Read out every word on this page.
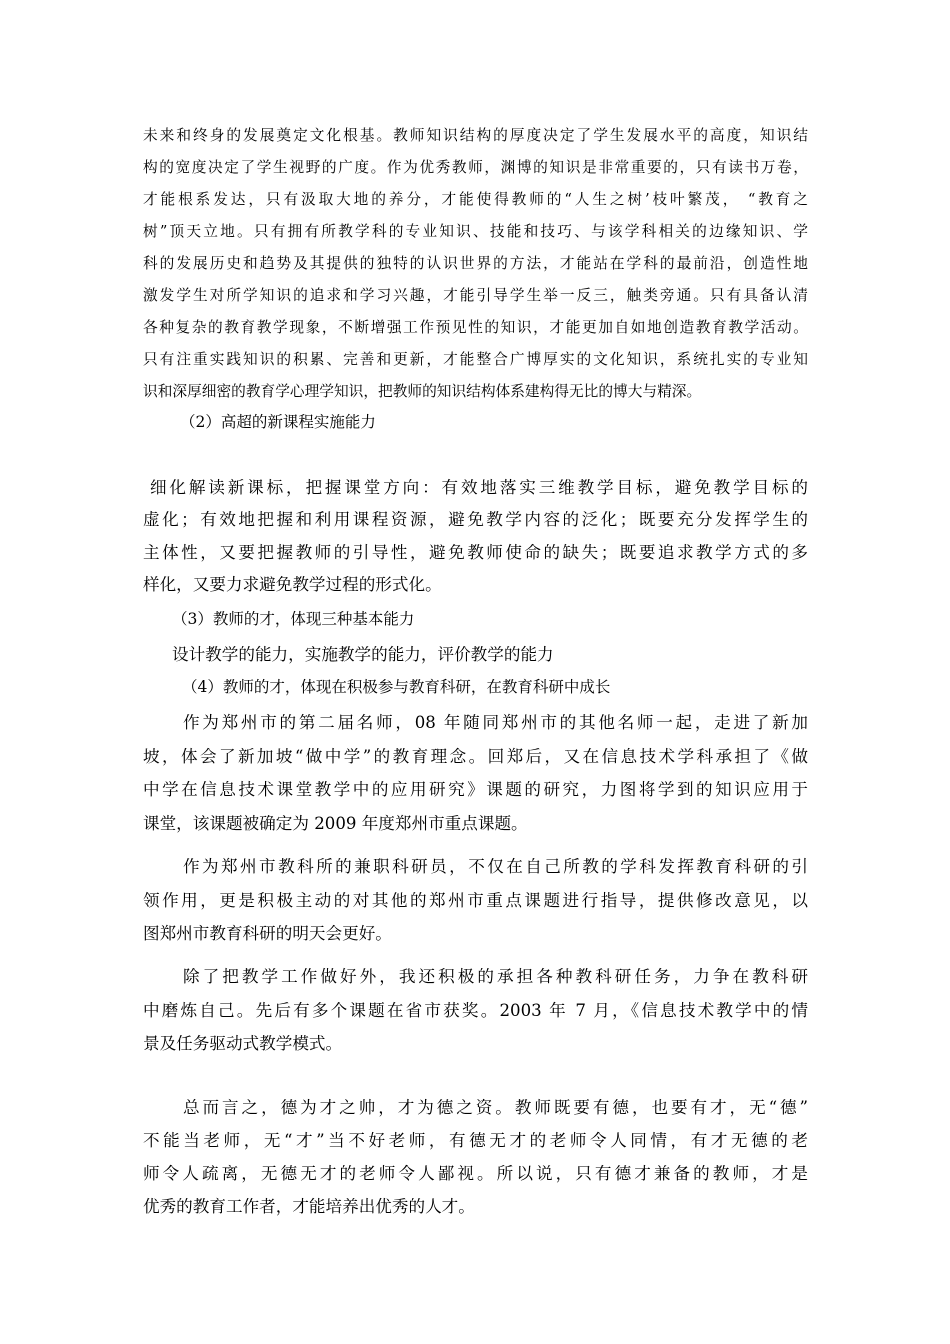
未来和终身的发展奠定文化根基。教师知识结构的厚度决定了学生发展水平的高度，知识结
构的宽度决定了学生视野的广度。作为优秀教师，渊博的知识是非常重要的，只有读书万卷，
才能根系发达，只有汲取大地的养分，才能使得教师的“人生之树’枝叶繁茂， “教育之
树”顶天立地。只有拥有所教学科的专业知识、技能和技巧、与该学科相关的边缘知识、学
科的发展历史和趋势及其提供的独特的认识世界的方法，才能站在学科的最前沿，创造性地
激发学生对所学知识的追求和学习兴趣，才能引导学生举一反三，触类旁通。只有具备认清
各种复杂的教育教学现象，不断增强工作预见性的知识，才能更加自如地创造教育教学活动。
只有注重实践知识的积累、完善和更新，才能整合广博厚实的文化知识，系统扎实的专业知
识和深厚细密的教育学心理学知识，把教师的知识结构体系建构得无比的博大与精深。
（2）高超的新课程实施能力
细化解读新课标，把握课堂方向：有效地落实三维教学目标，避免教学目标的
虚化；有效地把握和利用课程资源，避免教学内容的泛化；既要充分发挥学生的
主体性，又要把握教师的引导性，避免教师使命的缺失；既要追求教学方式的多
样化，又要力求避免教学过程的形式化。
（3）教师的才，体现三种基本能力
设计教学的能力，实施教学的能力，评价教学的能力
（4）教师的才，体现在积极参与教育科研，在教育科研中成长
作为郑州市的第二届名师，08 年随同郑州市的其他名师一起，走进了新加
坡，体会了新加坡“做中学”的教育理念。回郑后，又在信息技术学科承担了《做
中学在信息技术课堂教学中的应用研究》课题的研究，力图将学到的知识应用于
课堂，该课题被确定为 2009 年度郑州市重点课题。
作为郑州市教科所的兼职科研员，不仅在自己所教的学科发挥教育科研的引
领作用，更是积极主动的对其他的郑州市重点课题进行指导，提供修改意见，以
图郑州市教育科研的明天会更好。
除了把教学工作做好外，我还积极的承担各种教科研任务，力争在教科研
中磨炼自己。先后有多个课题在省市获奖。2003 年 7 月，《信息技术教学中的情
景及任务驱动式教学模式。
总而言之，德为才之帅，才为德之资。教师既要有德，也要有才，无“德”
不能当老师，无“才”当不好老师，有德无才的老师令人同情，有才无德的老
师令人疏离，无德无才的老师令人鄙视。所以说，只有德才兼备的教师，才是
优秀的教育工作者，才能培养出优秀的人才。
